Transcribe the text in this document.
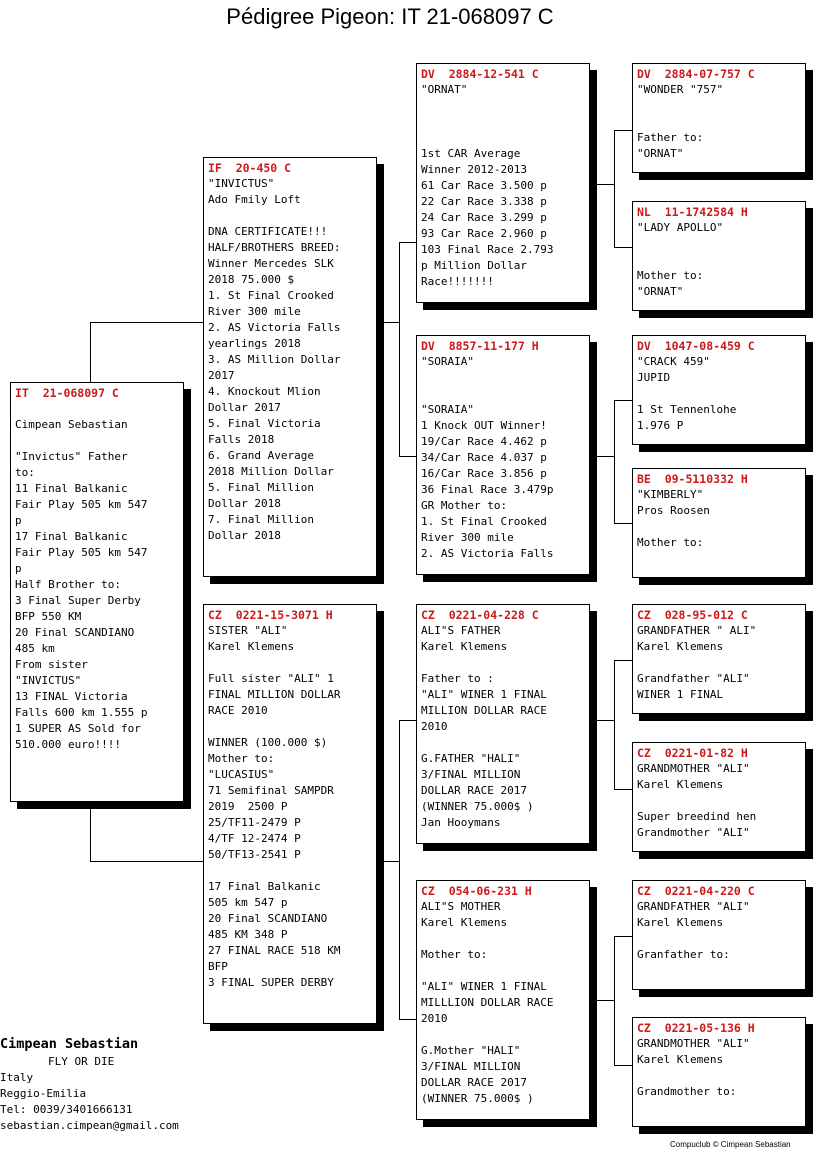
Pédigree Pigeon: IT 21-068097 C
IT  21-068097 C
Cimpean Sebastian
"Invictus" Father
to:
11 Final Balkanic
Fair Play 505 km 547
p
17 Final Balkanic
Fair Play 505 km 547
p
Half Brother to:
3 Final Super Derby
BFP 550 KM
20 Final SCANDIANO
485 km
From sister
"INVICTUS"
13 FINAL Victoria
Falls 600 km 1.555 p
1 SUPER AS Sold for
510.000 euro!!!!
IF  20-450 C
"INVICTUS"
Ado Fmily Loft
DNA CERTIFICATE!!!
HALF/BROTHERS BREED:
Winner Mercedes SLK
2018 75.000 $
1. St Final Crooked
River 300 mile
2. AS Victoria Falls
yearlings 2018
3. AS Million Dollar
2017
4. Knockout Mlion
Dollar 2017
5. Final Victoria
Falls 2018
6. Grand Average
2018 Million Dollar
5. Final Million
Dollar 2018
7. Final Million
Dollar 2018
CZ  0221-15-3071 H
SISTER "ALI"
Karel Klemens
Full sister "ALI" 1
FINAL MILLION DOLLAR
RACE 2010
WINNER (100.000 $)
Mother to:
"LUCASIUS"
71 Semifinal SAMPDR
2019  2500 P
25/TF11-2479 P
4/TF 12-2474 P
50/TF13-2541 P
17 Final Balkanic
505 km 547 p
20 Final SCANDIANO
485 KM 348 P
27 FINAL RACE 518 KM
BFP
3 FINAL SUPER DERBY
DV  2884-12-541 C
"ORNAT"
1st CAR Average
Winner 2012-2013
61 Car Race 3.500 p
22 Car Race 3.338 p
24 Car Race 3.299 p
93 Car Race 2.960 p
103 Final Race 2.793
p Million Dollar
Race!!!!!!!
DV  8857-11-177 H
"SORAIA"
"SORAIA"
1 Knock OUT Winner!
19/Car Race 4.462 p
34/Car Race 4.037 p
16/Car Race 3.856 p
36 Final Race 3.479p
GR Mother to:
1. St Final Crooked
River 300 mile
2. AS Victoria Falls
CZ  0221-04-228 C
ALI"S FATHER
Karel Klemens
Father to :
"ALI" WINER 1 FINAL
MILLION DOLLAR RACE
2010
G.FATHER "HALI"
3/FINAL MILLION
DOLLAR RACE 2017
(WINNER 75.000$ )
Jan Hooymans
CZ  054-06-231 H
ALI"S MOTHER
Karel Klemens
Mother to:
"ALI" WINER 1 FINAL
MILLLION DOLLAR RACE
2010
G.Mother "HALI"
3/FINAL MILLION
DOLLAR RACE 2017
(WINNER 75.000$ )
DV  2884-07-757 C
"WONDER "757"
Father to:
"ORNAT"
NL  11-1742584 H
"LADY APOLLO"
Mother to:
"ORNAT"
DV  1047-08-459 C
"CRACK 459"
JUPID
1 St Tennenlohe
1.976 P
BE  09-5110332 H
"KIMBERLY"
Pros Roosen
Mother to:
CZ  028-95-012 C
GRANDFATHER " ALI"
Karel Klemens
Grandfather "ALI"
WINER 1 FINAL
CZ  0221-01-82 H
GRANDMOTHER "ALI"
Karel Klemens
Super breedind hen
Grandmother "ALI"
CZ  0221-04-220 C
GRANDFATHER "ALI"
Karel Klemens
Granfather to:
CZ  0221-05-136 H
GRANDMOTHER "ALI"
Karel Klemens
Grandmother to:
Cimpean Sebastian
FLY OR DIE
Italy
Reggio-Emilia
Tel: 0039/3401666131
sebastian.cimpean@gmail.com
Compuclub © Cimpean Sebastian
